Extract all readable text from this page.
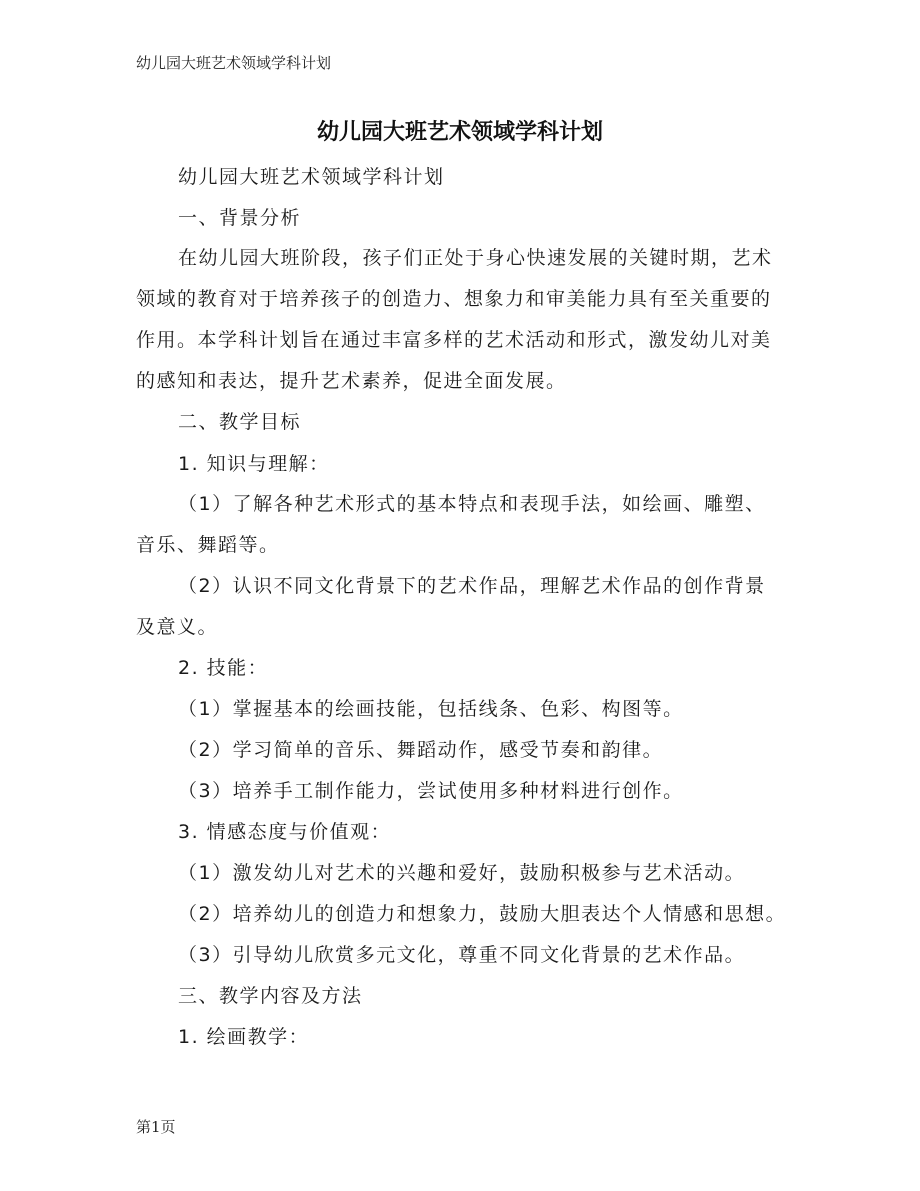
幼儿园大班艺术领域学科计划
幼儿园大班艺术领域学科计划
幼儿园大班艺术领域学科计划
一、背景分析
在幼儿园大班阶段，孩子们正处于身心快速发展的关键时期，艺术领域的教育对于培养孩子的创造力、想象力和审美能力具有至关重要的作用。本学科计划旨在通过丰富多样的艺术活动和形式，激发幼儿对美的感知和表达，提升艺术素养，促进全面发展。
二、教学目标
1. 知识与理解：
（1）了解各种艺术形式的基本特点和表现手法，如绘画、雕塑、音乐、舞蹈等。
（2）认识不同文化背景下的艺术作品，理解艺术作品的创作背景及意义。
2. 技能：
（1）掌握基本的绘画技能，包括线条、色彩、构图等。
（2）学习简单的音乐、舞蹈动作，感受节奏和韵律。
（3）培养手工制作能力，尝试使用多种材料进行创作。
3. 情感态度与价值观：
（1）激发幼儿对艺术的兴趣和爱好，鼓励积极参与艺术活动。
（2）培养幼儿的创造力和想象力，鼓励大胆表达个人情感和思想。
（3）引导幼儿欣赏多元文化，尊重不同文化背景的艺术作品。
三、教学内容及方法
1. 绘画教学：
第1页
